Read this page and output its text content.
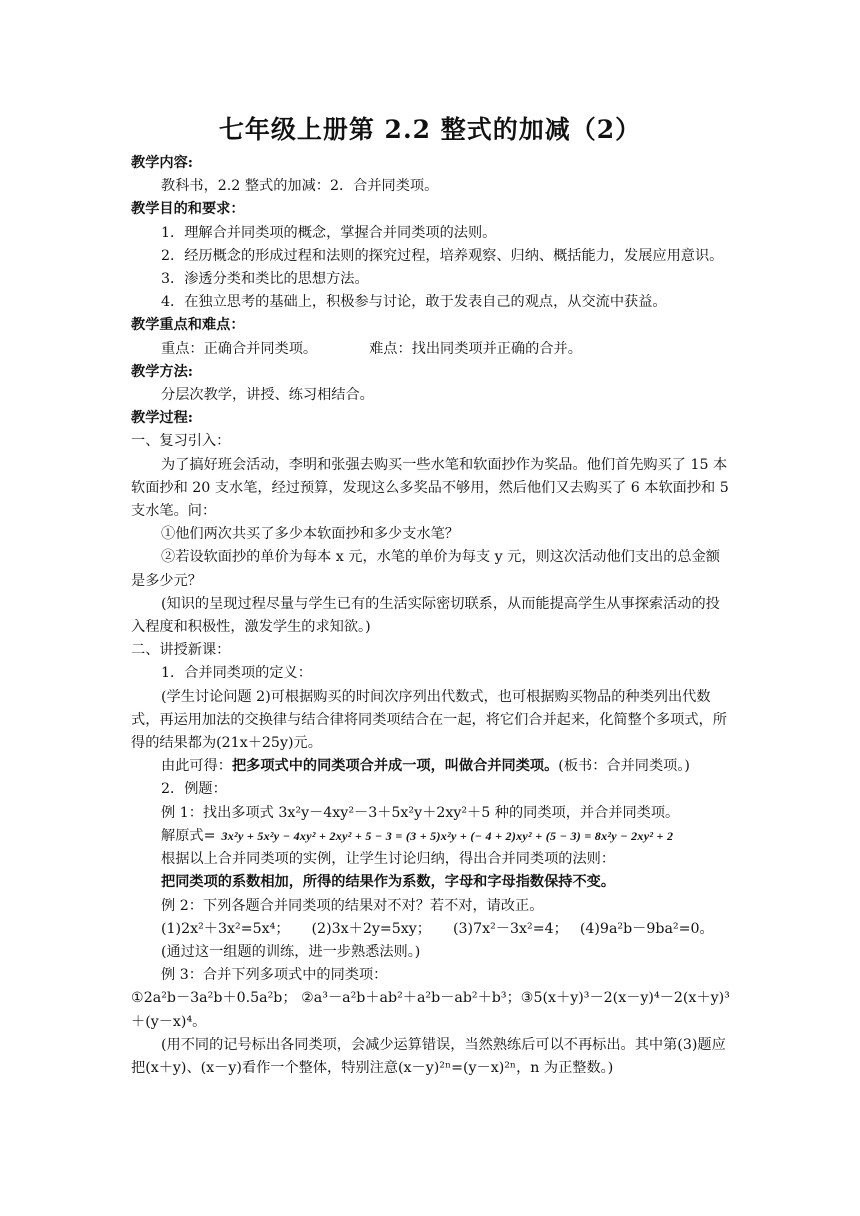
七年级上册第 2.2 整式的加减（2）

教学内容:

教科书，2.2 整式的加减：2．合并同类项。

教学目的和要求：

1．理解合并同类项的概念，掌握合并同类项的法则。

2．经历概念的形成过程和法则的探究过程，培养观察、归纳、概括能力，发展应用意识。

3．渗透分类和类比的思想方法。

4．在独立思考的基础上，积极参与讨论，敢于发表自己的观点，从交流中获益。

教学重点和难点：

重点：正确合并同类项。	难点：找出同类项并正确的合并。

教学方法:

分层次教学，讲授、练习相结合。

教学过程:

一、复习引入：

为了搞好班会活动，李明和张强去购买一些水笔和软面抄作为奖品。他们首先购买了 15 本软面抄和 20 支水笔，经过预算，发现这么多奖品不够用，然后他们又去购买了 6 本软面抄和 5 支水笔。问：

①他们两次共买了多少本软面抄和多少支水笔？

②若设软面抄的单价为每本 x 元，水笔的单价为每支 y 元，则这次活动他们支出的总金额是多少元？

(知识的呈现过程尽量与学生已有的生活实际密切联系，从而能提高学生从事探索活动的投入程度和积极性，激发学生的求知欲。)

二、讲授新课：

1．合并同类项的定义：

(学生讨论问题 2)可根据购买的时间次序列出代数式，也可根据购买物品的种类列出代数式，再运用加法的交换律与结合律将同类项结合在一起，将它们合并起来，化简整个多项式，所得的结果都为(21x＋25y)元。

由此可得：把多项式中的同类项合并成一项，叫做合并同类项。(板书：合并同类项。)

2．例题：

例 1：找出多项式 3x²y－4xy²－3＋5x²y＋2xy²＋5 种的同类项，并合并同类项。

解原式= 3x²y + 5x²y − 4xy² + 2xy² + 5 − 3 = (3 + 5)x²y + (− 4 + 2)xy² + (5 − 3) = 8x²y − 2xy² + 2

根据以上合并同类项的实例，让学生讨论归纳，得出合并同类项的法则：

把同类项的系数相加，所得的结果作为系数，字母和字母指数保持不变。

例 2：下列各题合并同类项的结果对不对？若不对，请改正。

(1)2x²＋3x²=5x⁴； (2)3x＋2y=5xy； (3)7x²－3x²=4； (4)9a²b－9ba²=0。

(通过这一组题的训练，进一步熟悉法则。)

例 3：合并下列多项式中的同类项：

①2a²b－3a²b＋0.5a²b； ②a³－a²b＋ab²＋a²b－ab²＋b³；③5(x＋y)³－2(x－y)⁴－2(x＋y)³＋(y－x)⁴。

(用不同的记号标出各同类项，会减少运算错误，当然熟练后可以不再标出。其中第(3)题应把(x＋y)、(x－y)看作一个整体，特别注意(x－y)²ⁿ=(y－x)²ⁿ，n 为正整数。)
